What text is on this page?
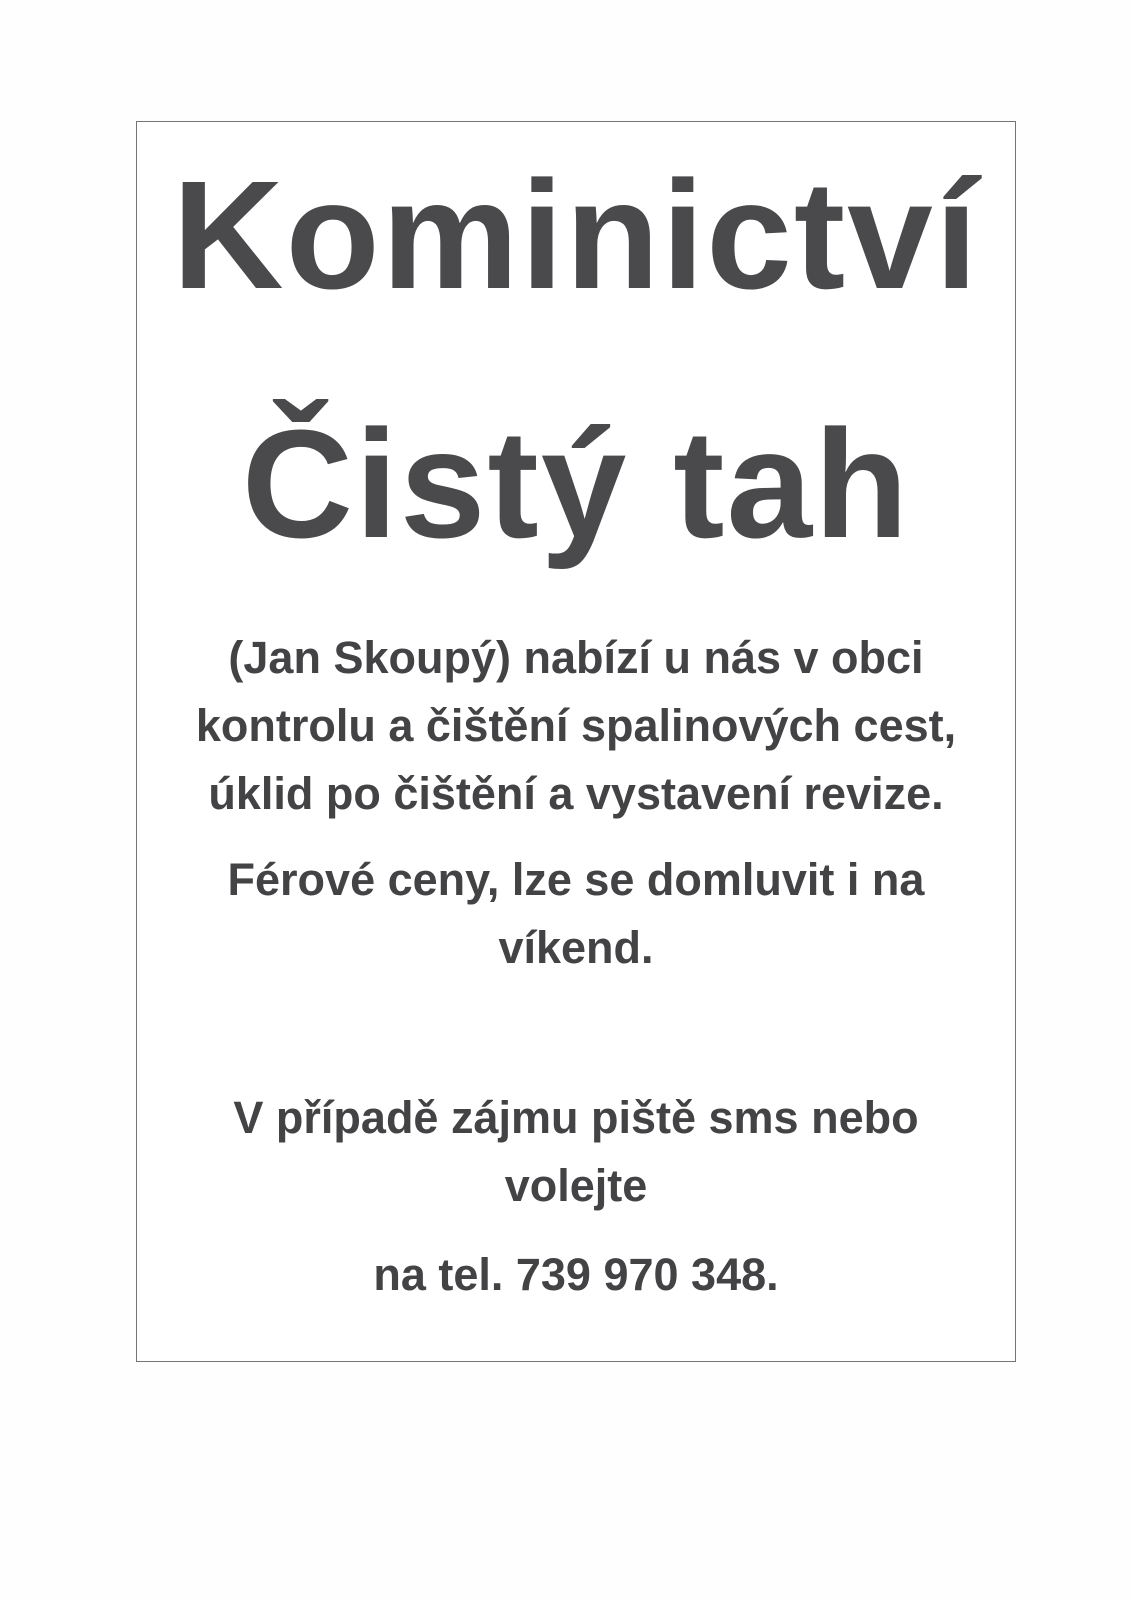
Kominictví
Čistý tah
(Jan Skoupý) nabízí u nás v obci
kontrolu a čištění spalinových cest,
úklid po čištění a vystavení revize.
Férové ceny, lze se domluvit i na
víkend.
V případě zájmu piště sms nebo
volejte
na tel. 739 970 348.
